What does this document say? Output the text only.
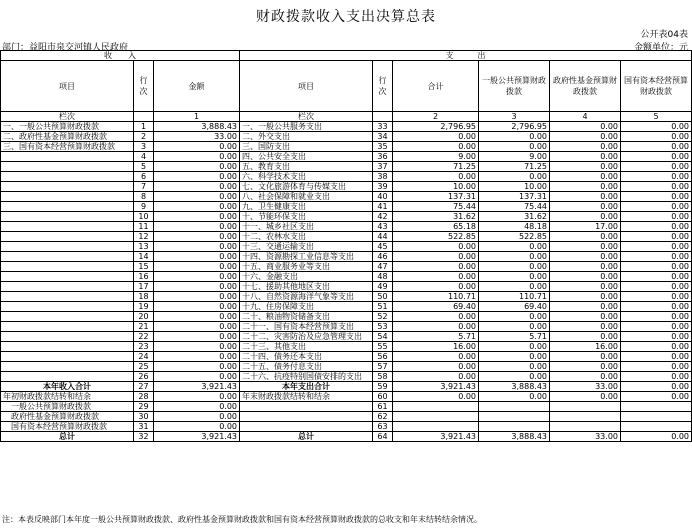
财政拨款收入支出决算总表
公开表04表
部门：益阳市泉交河镇人民政府	金额单位：元
收　　入			支　　　出					
项目	行次	金额	项目	行次	合计	一般公共预算财政拨款	政府性基金预算财政拨款	国有资本经营预算财政拨款
栏次		1	栏次		2	3	4	5
一、一般公共预算财政拨款	1	3,888.43	一、一般公共服务支出	33	2,796.95	2,796.95	0.00	0.00
二、政府性基金预算财政拨款	2	33.00	二、外交支出	34	0.00	0.00	0.00	0.00
三、国有资本经营预算财政拨款	3	0.00	三、国防支出	35	0.00	0.00	0.00	0.00
	4	0.00	四、公共安全支出	36	9.00	9.00	0.00	0.00
	5	0.00	五、教育支出	37	71.25	71.25	0.00	0.00
	6	0.00	六、科学技术支出	38	0.00	0.00	0.00	0.00
	7	0.00	七、文化旅游体育与传媒支出	39	10.00	10.00	0.00	0.00
	8	0.00	八、社会保障和就业支出	40	137.31	137.31	0.00	0.00
	9	0.00	九、卫生健康支出	41	75.44	75.44	0.00	0.00
	10	0.00	十、节能环保支出	42	31.62	31.62	0.00	0.00
	11	0.00	十一、城乡社区支出	43	65.18	48.18	17.00	0.00
	12	0.00	十二、农林水支出	44	522.85	522.85	0.00	0.00
	13	0.00	十三、交通运输支出	45	0.00	0.00	0.00	0.00
	14	0.00	十四、资源勘探工业信息等支出	46	0.00	0.00	0.00	0.00
	15	0.00	十五、商业服务业等支出	47	0.00	0.00	0.00	0.00
	16	0.00	十六、金融支出	48	0.00	0.00	0.00	0.00
	17	0.00	十七、援助其他地区支出	49	0.00	0.00	0.00	0.00
	18	0.00	十八、自然资源海洋气象等支出	50	110.71	110.71	0.00	0.00
	19	0.00	十九、住房保障支出	51	69.40	69.40	0.00	0.00
	20	0.00	二十、粮油物资储备支出	52	0.00	0.00	0.00	0.00
	21	0.00	二十一、国有资本经营预算支出	53	0.00	0.00	0.00	0.00
	22	0.00	二十二、灾害防治及应急管理支出	54	5.71	5.71	0.00	0.00
	23	0.00	二十三、其他支出	55	16.00	0.00	16.00	0.00
	24	0.00	二十四、债务还本支出	56	0.00	0.00	0.00	0.00
	25	0.00	二十五、债务付息支出	57	0.00	0.00	0.00	0.00
	26	0.00	二十六、抗疫特别国债安排的支出	58	0.00	0.00	0.00	0.00
本年收入合计	27	3,921.43	本年支出合计	59	3,921.43	3,888.43	33.00	0.00
年初财政拨款结转和结余	28	0.00	年末财政拨款结转和结余	60	0.00	0.00	0.00	0.00
一般公共预算财政拨款	29	0.00		61				
政府性基金预算财政拨款	30	0.00		62				
国有资本经营预算财政拨款	31	0.00		63				
总计	32	3,921.43	总计	64	3,921.43	3,888.43	33.00	0.00
注：本表反映部门本年度一般公共预算财政拨款、政府性基金预算财政拨款和国有资本经营预算财政拨款的总收支和年末结转结余情况。
